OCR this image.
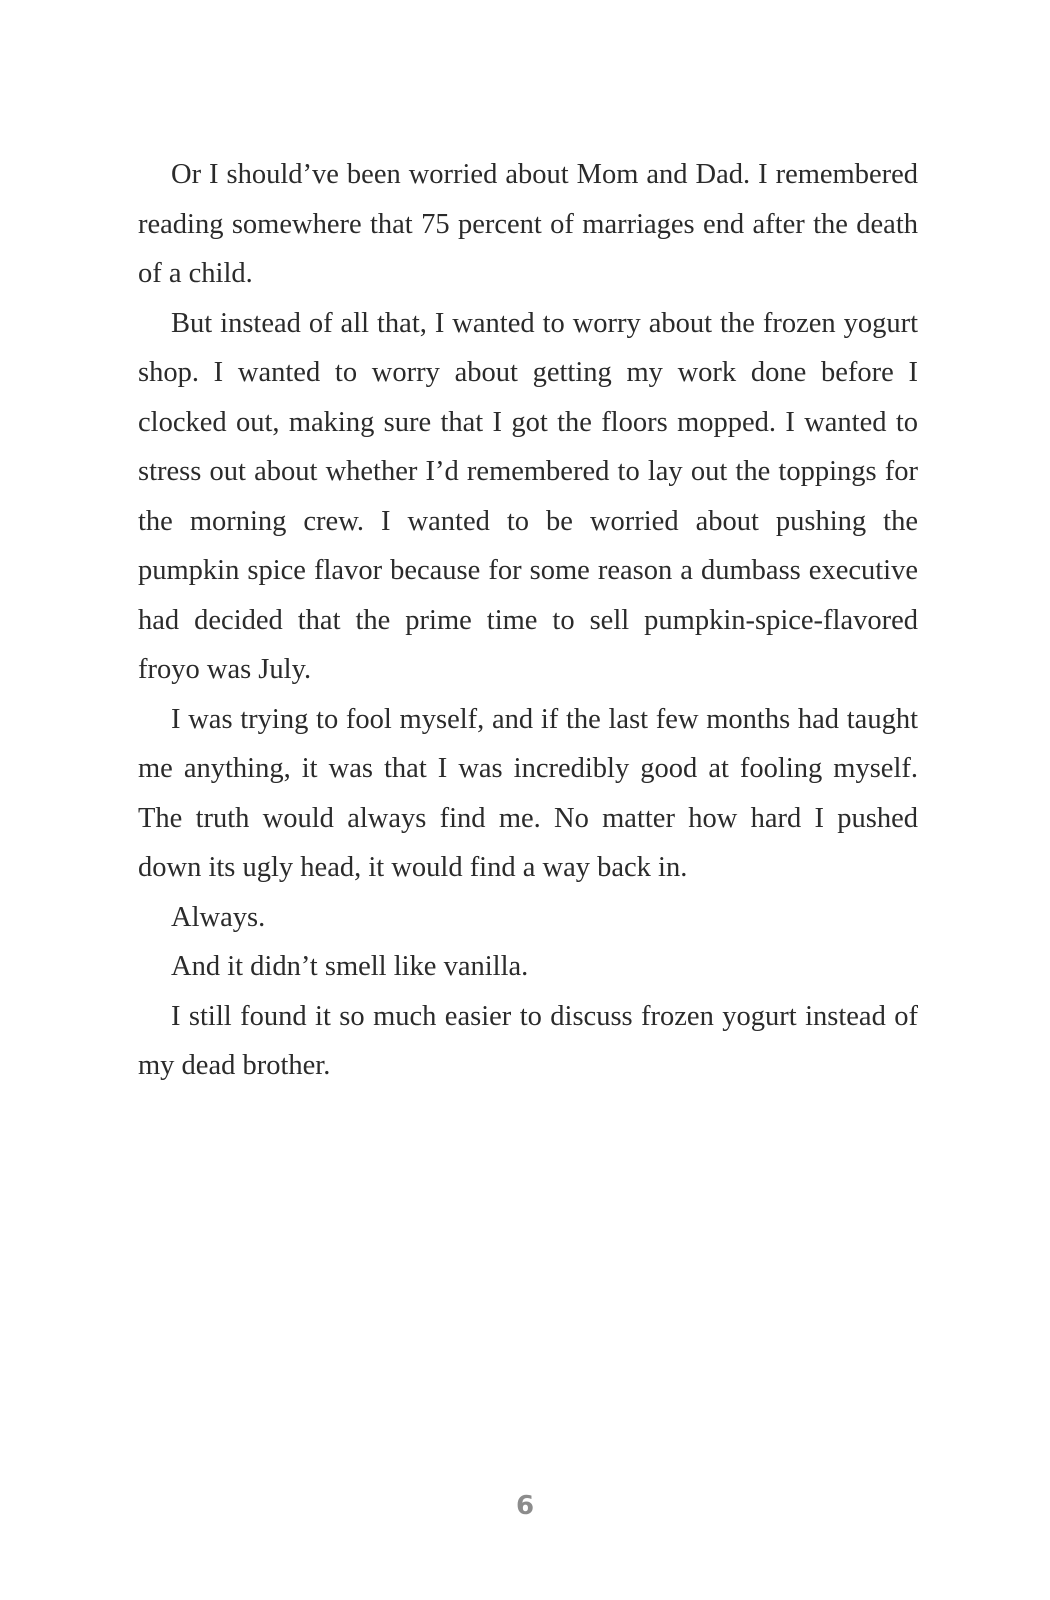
Or I should’ve been worried about Mom and Dad. I remembered reading somewhere that 75 percent of marriages end after the death of a child.

But instead of all that, I wanted to worry about the frozen yogurt shop. I wanted to worry about getting my work done before I clocked out, making sure that I got the floors mopped. I wanted to stress out about whether I’d remembered to lay out the toppings for the morning crew. I wanted to be worried about pushing the pumpkin spice flavor because for some reason a dumbass executive had decided that the prime time to sell pumpkin-spice-flavored froyo was July.

I was trying to fool myself, and if the last few months had taught me anything, it was that I was incredibly good at fooling myself. The truth would always find me. No matter how hard I pushed down its ugly head, it would find a way back in.

Always.

And it didn’t smell like vanilla.

I still found it so much easier to discuss frozen yogurt instead of my dead brother.

6
